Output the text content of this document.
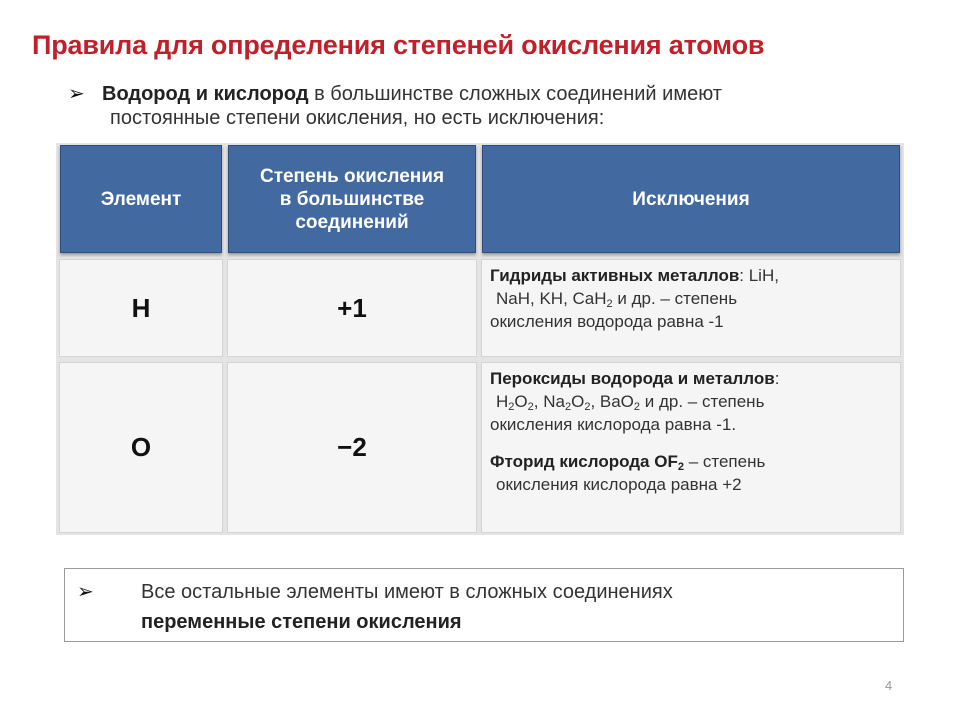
Правила для определения степеней окисления атомов
➢ Водород и кислород в большинстве сложных соединений имеют
постоянные степени окисления, но есть исключения:
Элемент
Степень окисления
в большинстве
соединений
Исключения
H	+1
Гидриды активных металлов: LiH,
NaH, KH, CaH$_2$ и др. – степень
окисления водорода равна -1
O	−2
Пероксиды водорода и металлов:
$H_2O_2$, $Na_2O_2$, BaO$_2$ и др. – степень
окисления кислорода равна -1.
Фторид кислорода $OF_2$ – степень
окисления кислорода равна +2
➢ Все остальные элементы имеют в сложных соединениях
переменные степени окисления
4
